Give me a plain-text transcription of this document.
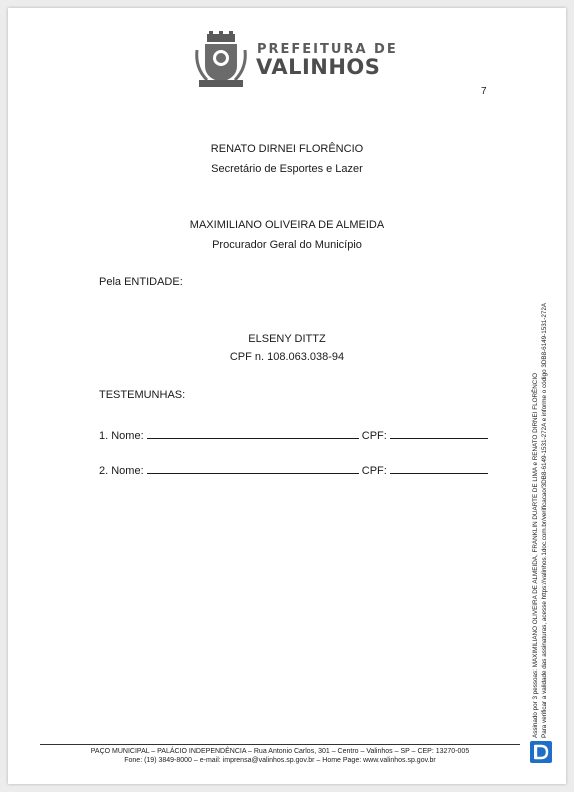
PREFEITURA DE
VALINHOS
7
RENATO DIRNEI FLORÊNCIO
Secretário de Esportes e Lazer
MAXIMILIANO OLIVEIRA DE ALMEIDA
Procurador Geral do Município
Pela ENTIDADE:
ELSENY DITTZ
CPF n. 108.063.038-94
TESTEMUNHAS:
1. Nome:	CPF:
2. Nome:	CPF:	Assinado por 3 pessoas: MAXIMILIANO OLIVEIRA DE ALMEIDA, FRANKLIN DUARTE DE LIMA e RENATO DIRNEI FLORÊNCIO Para verificar a validade das assinaturas, acesse https://valinhos.1doc.com.br/verificacao/3DB8-6149-1531-272A e informe o código 3DB8-6149-1531-272A
PAÇO MUNICIPAL – PALÁCIO INDEPENDÊNCIA – Rua Antonio Carlos, 301 – Centro – Valinhos – SP – CEP: 13270-005
Fone: (19) 3849-8000 – e-mail: imprensa@valinhos.sp.gov.br – Home Page: www.valinhos.sp.gov.br
